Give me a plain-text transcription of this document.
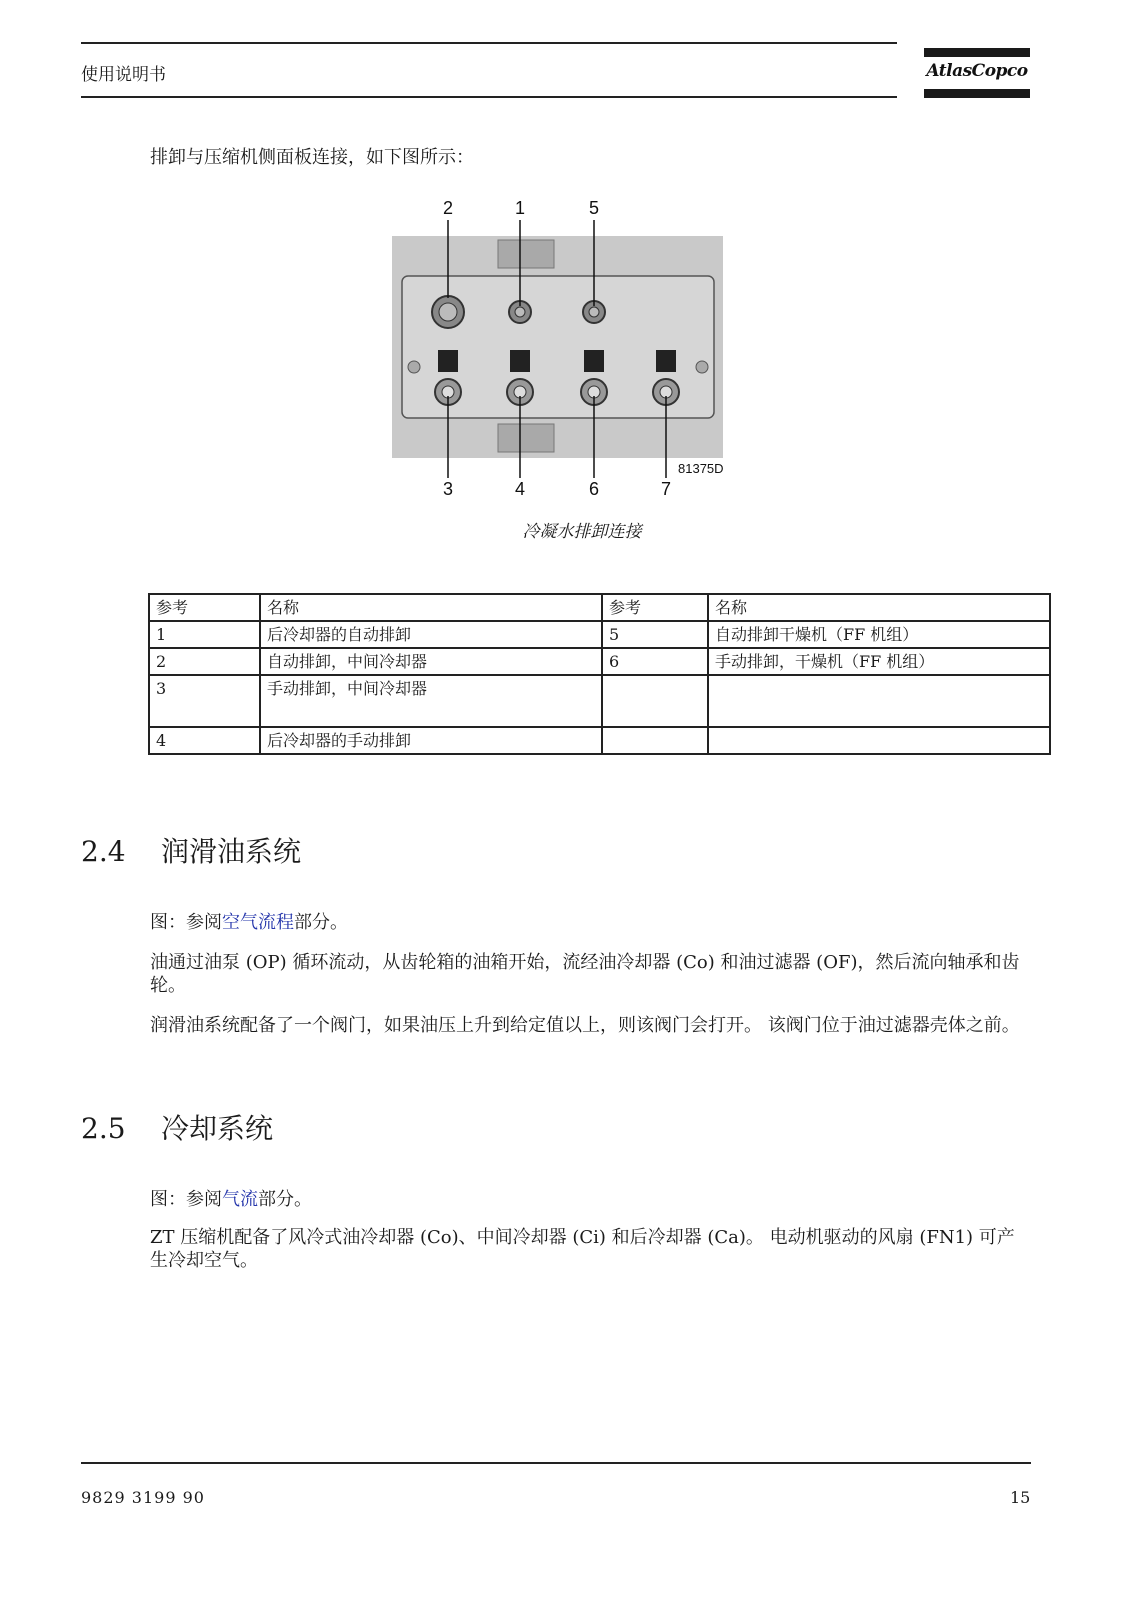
使用说明书	AtlasCopco
排卸与压缩机侧面板连接，如下图所示：
2	1	5
3	4	6	7
81375D
冷凝水排卸连接
参考	名称	参考	名称
1	后冷却器的自动排卸	5	自动排卸干燥机（FF 机组）
2	自动排卸，中间冷却器	6	手动排卸，干燥机（FF 机组）
3	手动排卸，中间冷却器		
4	后冷却器的手动排卸		
2.4 润滑油系统
图：参阅空气流程部分。
油通过油泵 (OP) 循环流动，从齿轮箱的油箱开始，流经油冷却器 (Co) 和油过滤器 (OF)，然后流向轴承和齿轮。
润滑油系统配备了一个阀门，如果油压上升到给定值以上，则该阀门会打开。 该阀门位于油过滤器壳体之前。
2.5 冷却系统
图：参阅气流部分。
ZT 压缩机配备了风冷式油冷却器 (Co)、中间冷却器 (Ci) 和后冷却器 (Ca)。 电动机驱动的风扇 (FN1) 可产生冷却空气。
9829 3199 90	15
